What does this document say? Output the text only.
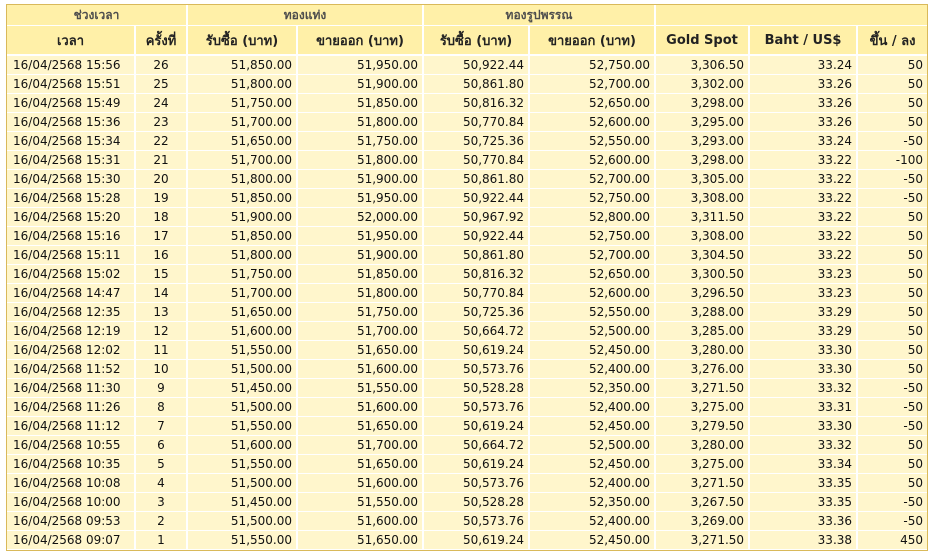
ช่วงเวลา		ทองแท่ง		ทองรูปพรรณ				
เวลา	ครั้งที่	รับซื้อ (บาท)	ขายออก (บาท)	รับซื้อ (บาท)	ขายออก (บาท)	Gold Spot	Baht / US$	ขึ้น / ลง
16/04/2568 15:56	26	51,850.00	51,950.00	50,922.44	52,750.00	3,306.50	33.24	50
16/04/2568 15:51	25	51,800.00	51,900.00	50,861.80	52,700.00	3,302.00	33.26	50
16/04/2568 15:49	24	51,750.00	51,850.00	50,816.32	52,650.00	3,298.00	33.26	50
16/04/2568 15:36	23	51,700.00	51,800.00	50,770.84	52,600.00	3,295.00	33.26	50
16/04/2568 15:34	22	51,650.00	51,750.00	50,725.36	52,550.00	3,293.00	33.24	-50
16/04/2568 15:31	21	51,700.00	51,800.00	50,770.84	52,600.00	3,298.00	33.22	-100
16/04/2568 15:30	20	51,800.00	51,900.00	50,861.80	52,700.00	3,305.00	33.22	-50
16/04/2568 15:28	19	51,850.00	51,950.00	50,922.44	52,750.00	3,308.00	33.22	-50
16/04/2568 15:20	18	51,900.00	52,000.00	50,967.92	52,800.00	3,311.50	33.22	50
16/04/2568 15:16	17	51,850.00	51,950.00	50,922.44	52,750.00	3,308.00	33.22	50
16/04/2568 15:11	16	51,800.00	51,900.00	50,861.80	52,700.00	3,304.50	33.22	50
16/04/2568 15:02	15	51,750.00	51,850.00	50,816.32	52,650.00	3,300.50	33.23	50
16/04/2568 14:47	14	51,700.00	51,800.00	50,770.84	52,600.00	3,296.50	33.23	50
16/04/2568 12:35	13	51,650.00	51,750.00	50,725.36	52,550.00	3,288.00	33.29	50
16/04/2568 12:19	12	51,600.00	51,700.00	50,664.72	52,500.00	3,285.00	33.29	50
16/04/2568 12:02	11	51,550.00	51,650.00	50,619.24	52,450.00	3,280.00	33.30	50
16/04/2568 11:52	10	51,500.00	51,600.00	50,573.76	52,400.00	3,276.00	33.30	50
16/04/2568 11:30	9	51,450.00	51,550.00	50,528.28	52,350.00	3,271.50	33.32	-50
16/04/2568 11:26	8	51,500.00	51,600.00	50,573.76	52,400.00	3,275.00	33.31	-50
16/04/2568 11:12	7	51,550.00	51,650.00	50,619.24	52,450.00	3,279.50	33.30	-50
16/04/2568 10:55	6	51,600.00	51,700.00	50,664.72	52,500.00	3,280.00	33.32	50
16/04/2568 10:35	5	51,550.00	51,650.00	50,619.24	52,450.00	3,275.00	33.34	50
16/04/2568 10:08	4	51,500.00	51,600.00	50,573.76	52,400.00	3,271.50	33.35	50
16/04/2568 10:00	3	51,450.00	51,550.00	50,528.28	52,350.00	3,267.50	33.35	-50
16/04/2568 09:53	2	51,500.00	51,600.00	50,573.76	52,400.00	3,269.00	33.36	-50
16/04/2568 09:07	1	51,550.00	51,650.00	50,619.24	52,450.00	3,271.50	33.38	450
